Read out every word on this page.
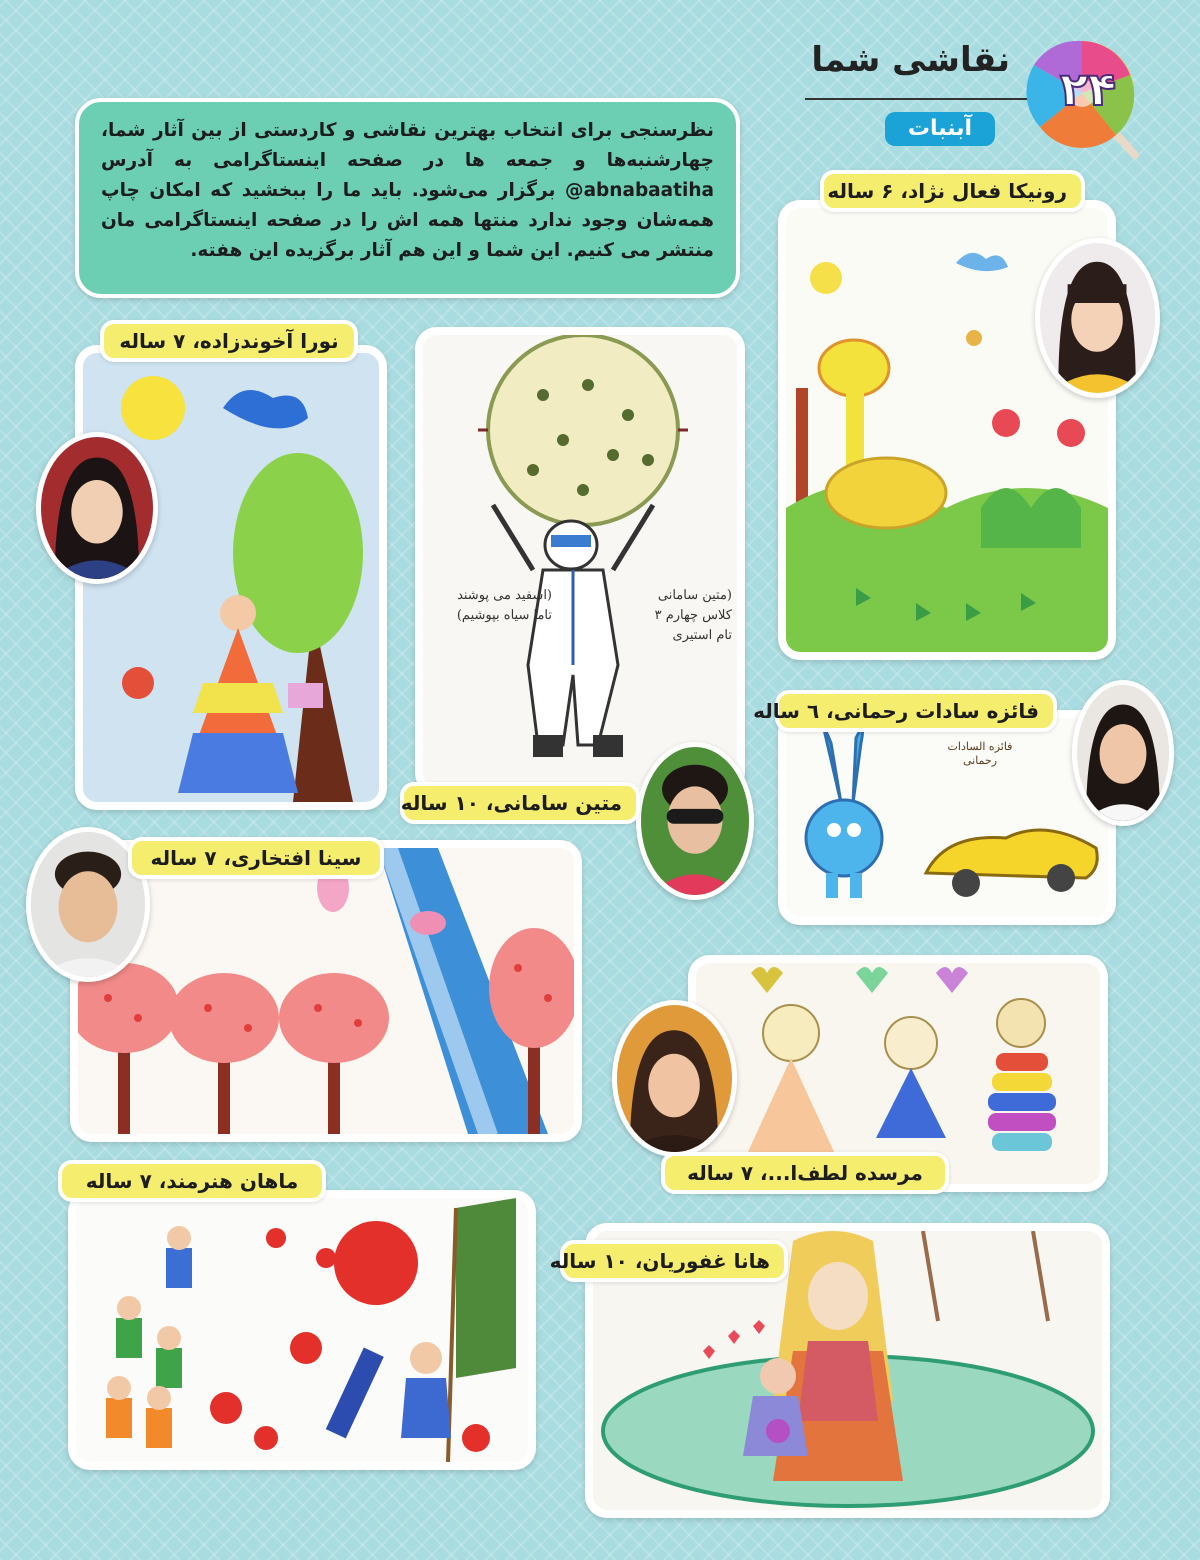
نقاشی شما
آبنبات
۲۴
نظرسنجی برای انتخاب بهترین نقاشی و کاردستی از بین آثار شما، چهارشنبه‌ها و جمعه ها در صفحه اینستاگرامی به آدرس abnabaatiha@ برگزار می‌شود. باید ما را ببخشید که امکان چاپ همه‌شان وجود ندارد منتها همه اش را در صفحه اینستاگرامی مان منتشر می کنیم. این شما و این هم آثار برگزیده این هفته.
رونیکا فعال نژاد، ۶ ساله
نورا آخوندزاده، ۷ ساله
(اسفید می پوشند
تاما سیاه بپوشیم)
(متین سامانی
کلاس چهارم ۳
تام استیری
متین سامانی، ۱۰ ساله
فائزه السادات رحمانی
فائزه سادات رحمانی، ٦ ساله
سینا افتخاری، ۷ ساله
مرسده لطف‌ا...، ۷ ساله
ماهان هنرمند، ۷ ساله
هانا غفوریان، ۱۰ ساله
